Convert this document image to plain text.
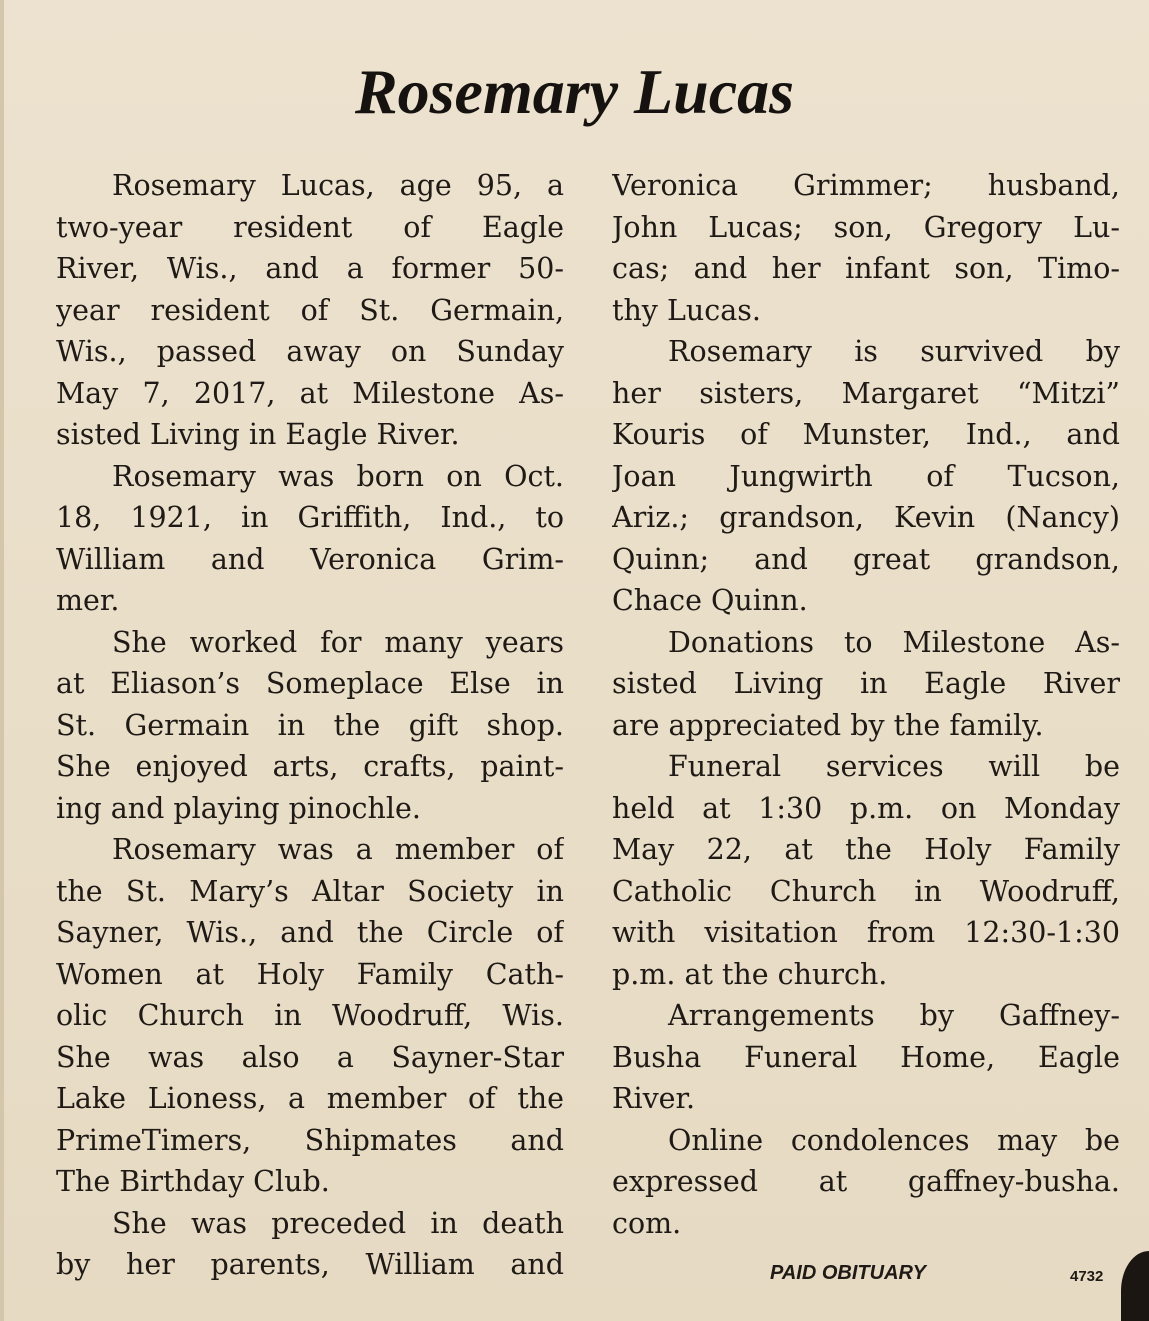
Rosemary Lucas
Rosemary Lucas, age 95, a
two-year resident of Eagle
River, Wis., and a former 50-
year resident of St. Germain,
Wis., passed away on Sunday
May 7, 2017, at Milestone As-
sisted Living in Eagle River.
Rosemary was born on Oct.
18, 1921, in Griffith, Ind., to
William and Veronica Grim-
mer.
She worked for many years
at Eliason’s Someplace Else in
St. Germain in the gift shop.
She enjoyed arts, crafts, paint-
ing and playing pinochle.
Rosemary was a member of
the St. Mary’s Altar Society in
Sayner, Wis., and the Circle of
Women at Holy Family Cath-
olic Church in Woodruff, Wis.
She was also a Sayner-Star
Lake Lioness, a member of the
PrimeTimers, Shipmates and
The Birthday Club.
She was preceded in death
by her parents, William and
Veronica Grimmer; husband,
John Lucas; son, Gregory Lu-
cas; and her infant son, Timo-
thy Lucas.
Rosemary is survived by
her sisters, Margaret “Mitzi”
Kouris of Munster, Ind., and
Joan Jungwirth of Tucson,
Ariz.; grandson, Kevin (Nancy)
Quinn; and great grandson,
Chace Quinn.
Donations to Milestone As-
sisted Living in Eagle River
are appreciated by the family.
Funeral services will be
held at 1:30 p.m. on Monday
May 22, at the Holy Family
Catholic Church in Woodruff,
with visitation from 12:30-1:30
p.m. at the church.
Arrangements by Gaffney-
Busha Funeral Home, Eagle
River.
Online condolences may be
expressed at gaffney-busha.
com.
PAID OBITUARY	4732
